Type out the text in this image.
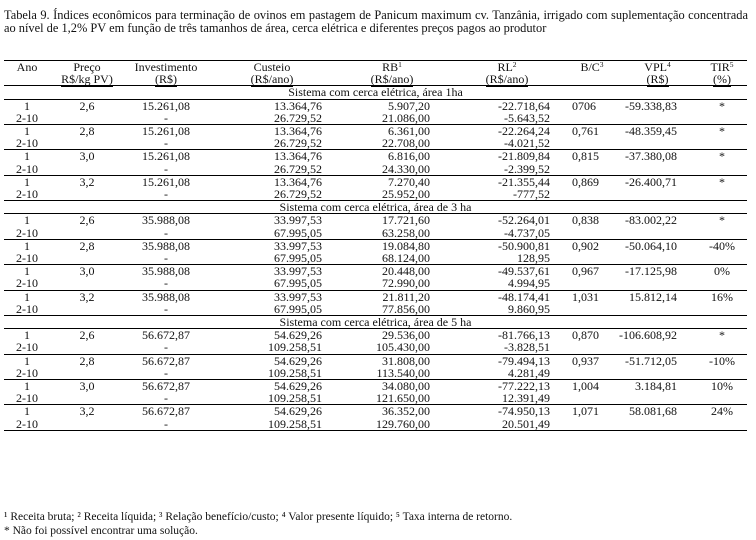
Tabela 9. Índices econômicos para terminação de ovinos em pastagem de Panicum maximum cv. Tanzânia, irrigado com suplementação concentrada ao nível de 1,2% PV em função de três tamanhos de área, cerca elétrica e diferentes preços pagos ao produtor
Ano	Preço	Investimento	Custeio	$RB^1$	$RL^2$	$B/C^3$	VPL$^4$	TIR$^5$
	R$/kg PV)	(R$)	(R$/ano)	(R$/ano)	(R$/ano)		(R$)	(%)
Sistema com cerca elétrica, área 1ha								
1	2,6	15.261,08	13.364,76	5.907,20	-22.718,64	0706	-59.338,83	*
2-10		-	26.729,52	21.086,00	-5.643,52			
1	2,8	15.261,08	13.364,76	6.361,00	-22.264,24	0,761	-48.359,45	*
2-10		-	26.729,52	22.708,00	-4.021,52			
1	3,0	15.261,08	13.364,76	6.816,00	-21.809,84	0,815	-37.380,08	*
2-10		-	26.729,52	24.330,00	-2.399,52			
1	3,2	15.261,08	13.364,76	7.270,40	-21.355,44	0,869	-26.400,71	*
2-10		-	26.729,52	25.952,00	-777,52			
Sistema com cerca elétrica, área de 3 ha								
1	2,6	35.988,08	33.997,53	17.721,60	-52.264,01	0,838	-83.002,22	*
2-10		-	67.995,05	63.258,00	-4.737,05			
1	2,8	35.988,08	33.997,53	19.084,80	-50.900,81	0,902	-50.064,10	-40%
2-10		-	67.995,05	68.124,00	128,95			
1	3,0	35.988,08	33.997,53	20.448,00	-49.537,61	0,967	-17.125,98	0%
2-10		-	67.995,05	72.990,00	4.994,95			
1	3,2	35.988,08	33.997,53	21.811,20	-48.174,41	1,031	15.812,14	16%
2-10		-	67.995,05	77.856,00	9.860,95			
Sistema com cerca elétrica, área de 5 ha								
1	2,6	56.672,87	54.629,26	29.536,00	-81.766,13	0,870	-106.608,92	*
2-10		-	109.258,51	105.430,00	-3.828,51			
1	2,8	56.672,87	54.629,26	31.808,00	-79.494,13	0,937	-51.712,05	-10%
2-10		-	109.258,51	113.540,00	4.281,49			
1	3,0	56.672,87	54.629,26	34.080,00	-77.222,13	1,004	3.184,81	10%
2-10		-	109.258,51	121.650,00	12.391,49			
1	3,2	56.672,87	54.629,26	36.352,00	-74.950,13	1,071	58.081,68	24%
2-10		-	109.258,51	129.760,00	20.501,49			
¹ Receita bruta; ² Receita líquida; ³ Relação benefício/custo; ⁴ Valor presente líquido; ⁵ Taxa interna de retorno.
* Não foi possível encontrar uma solução.
